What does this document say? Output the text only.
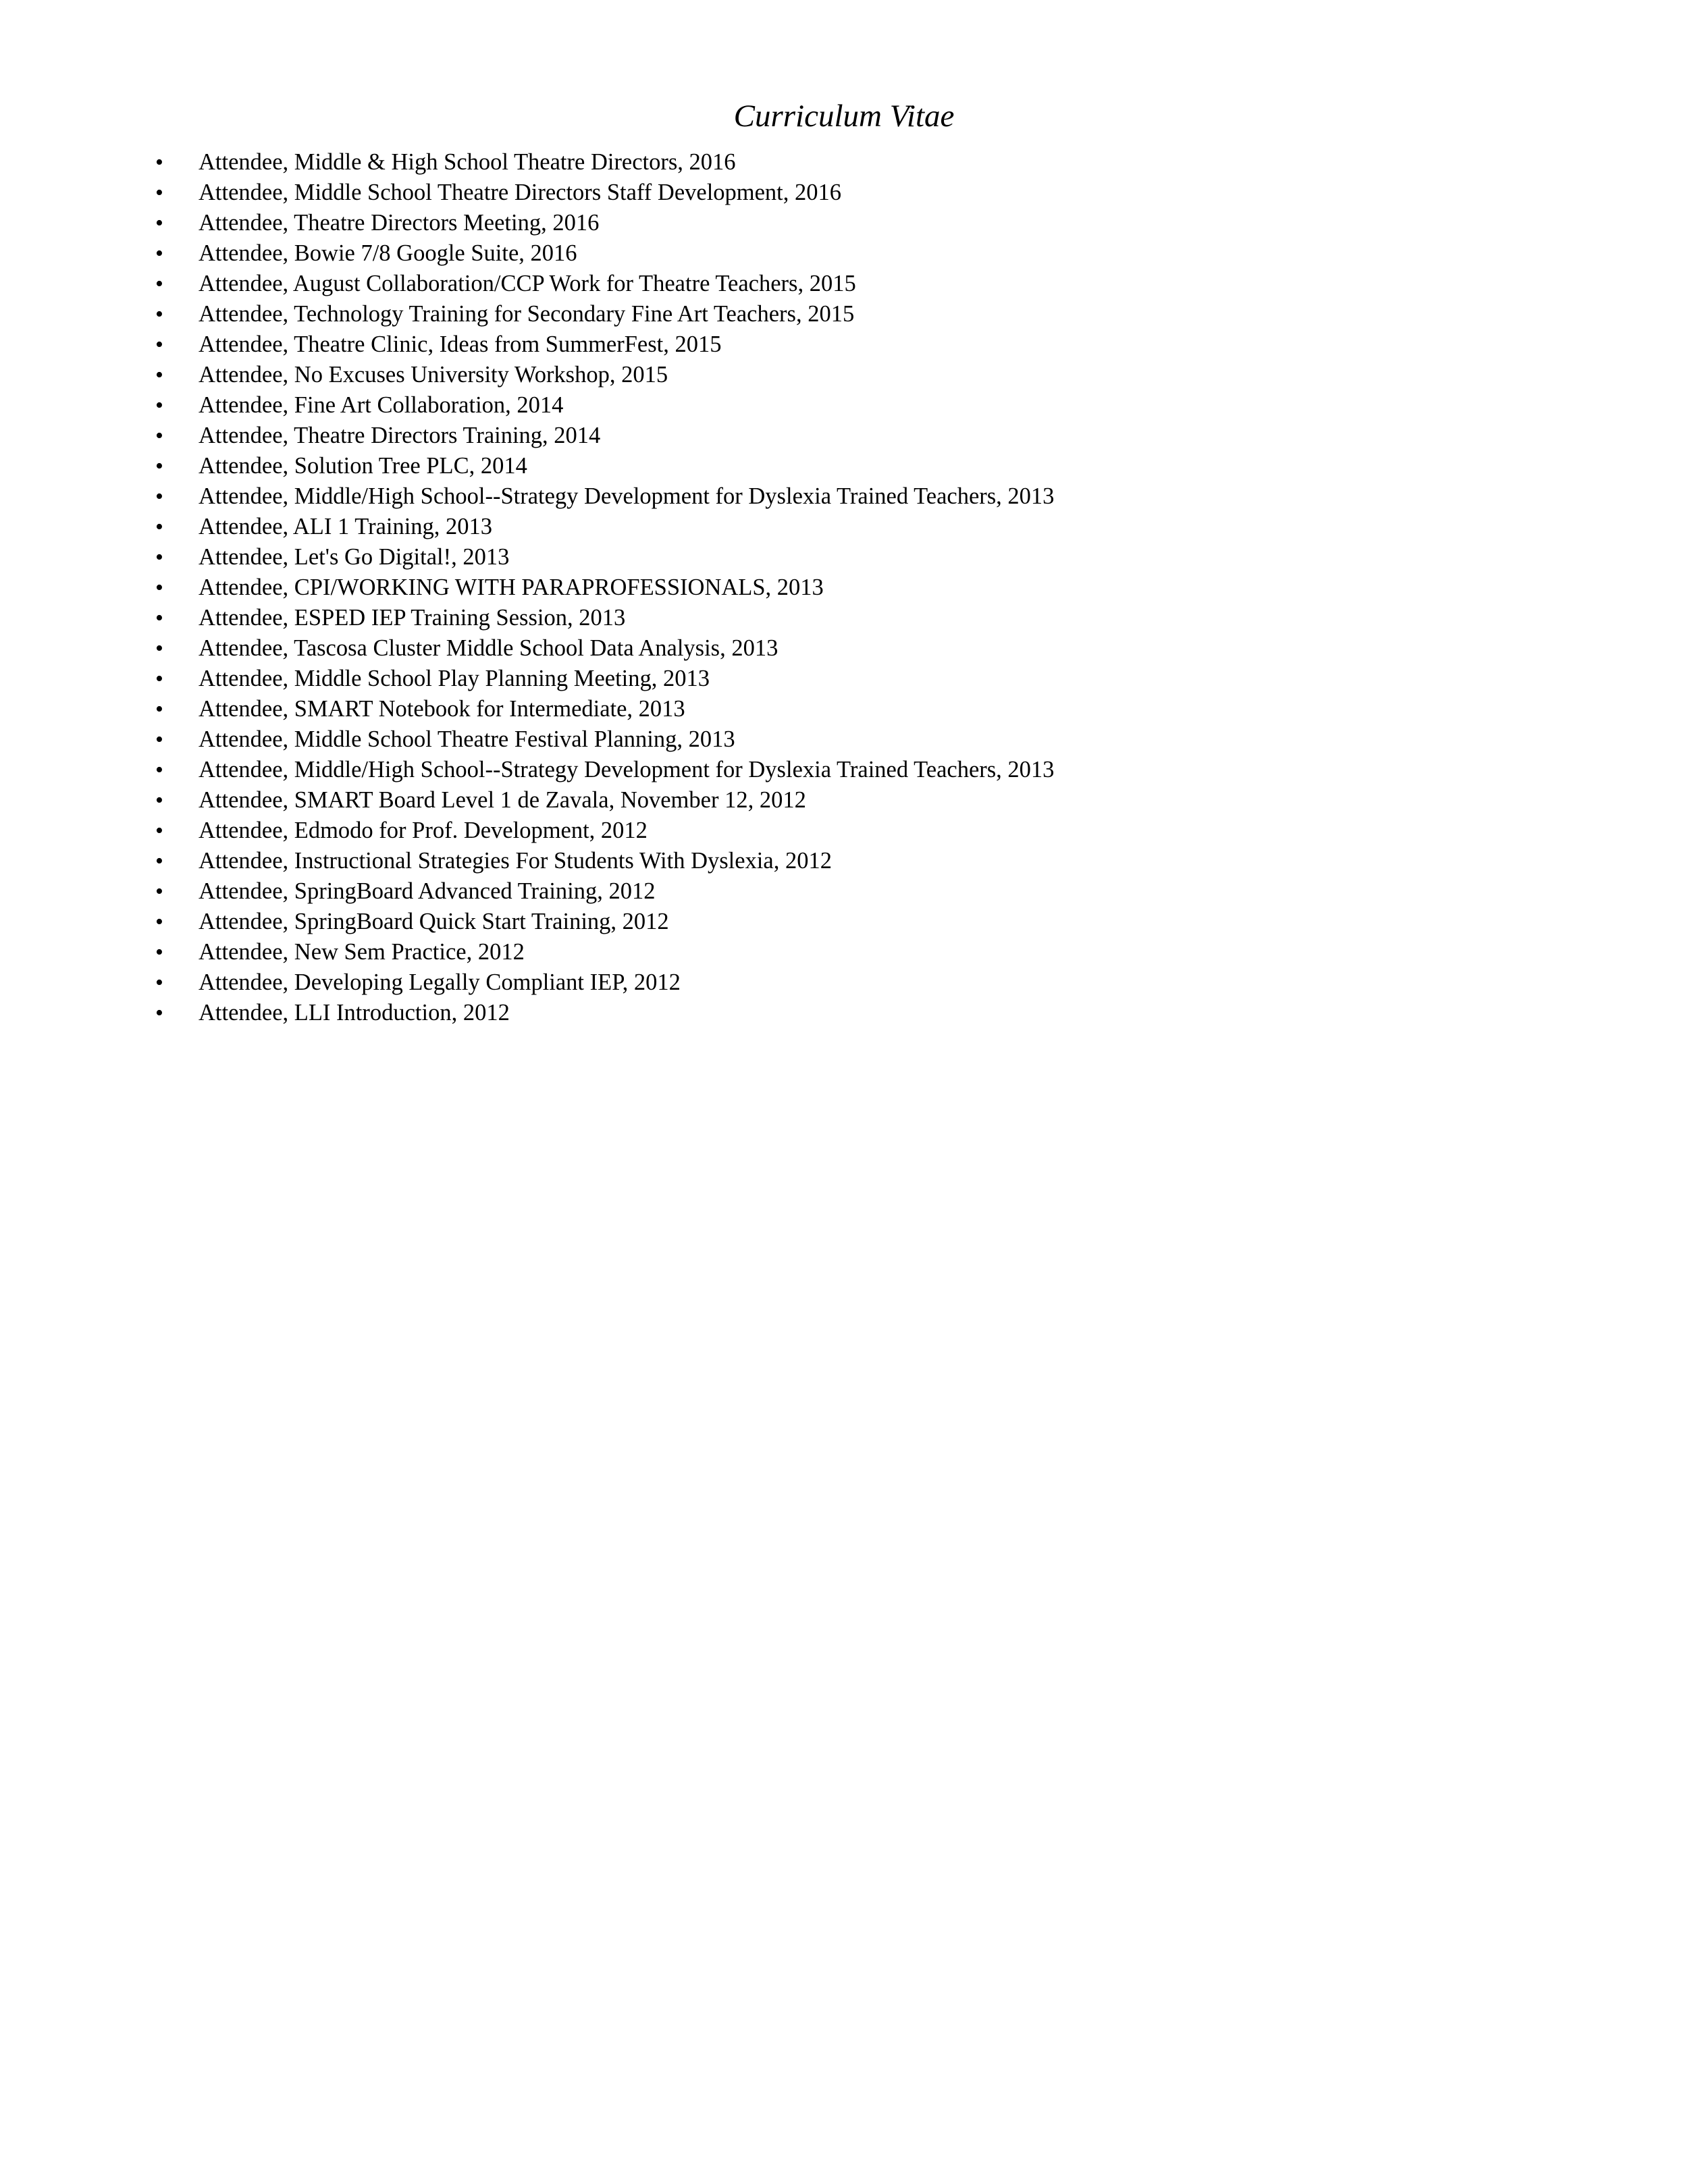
Curriculum Vitae
• Attendee, Middle & High School Theatre Directors, 2016
• Attendee, Middle School Theatre Directors Staff Development, 2016
• Attendee, Theatre Directors Meeting, 2016
• Attendee, Bowie 7/8 Google Suite, 2016
• Attendee, August Collaboration/CCP Work for Theatre Teachers, 2015
• Attendee, Technology Training for Secondary Fine Art Teachers, 2015
• Attendee, Theatre Clinic, Ideas from SummerFest, 2015
• Attendee, No Excuses University Workshop, 2015
• Attendee, Fine Art Collaboration, 2014
• Attendee, Theatre Directors Training, 2014
• Attendee, Solution Tree PLC, 2014
• Attendee, Middle/High School--Strategy Development for Dyslexia Trained Teachers, 2013
• Attendee, ALI 1 Training, 2013
• Attendee, Let's Go Digital!, 2013
• Attendee, CPI/WORKING WITH PARAPROFESSIONALS, 2013
• Attendee, ESPED IEP Training Session, 2013
• Attendee, Tascosa Cluster Middle School Data Analysis, 2013
• Attendee, Middle School Play Planning Meeting, 2013
• Attendee, SMART Notebook for Intermediate, 2013
• Attendee, Middle School Theatre Festival Planning, 2013
• Attendee, Middle/High School--Strategy Development for Dyslexia Trained Teachers, 2013
• Attendee, SMART Board Level 1 de Zavala, November 12, 2012
• Attendee, Edmodo for Prof. Development, 2012
• Attendee, Instructional Strategies For Students With Dyslexia, 2012
• Attendee, SpringBoard Advanced Training, 2012
• Attendee, SpringBoard Quick Start Training, 2012
• Attendee, New Sem Practice, 2012
• Attendee, Developing Legally Compliant IEP, 2012
• Attendee, LLI Introduction, 2012
